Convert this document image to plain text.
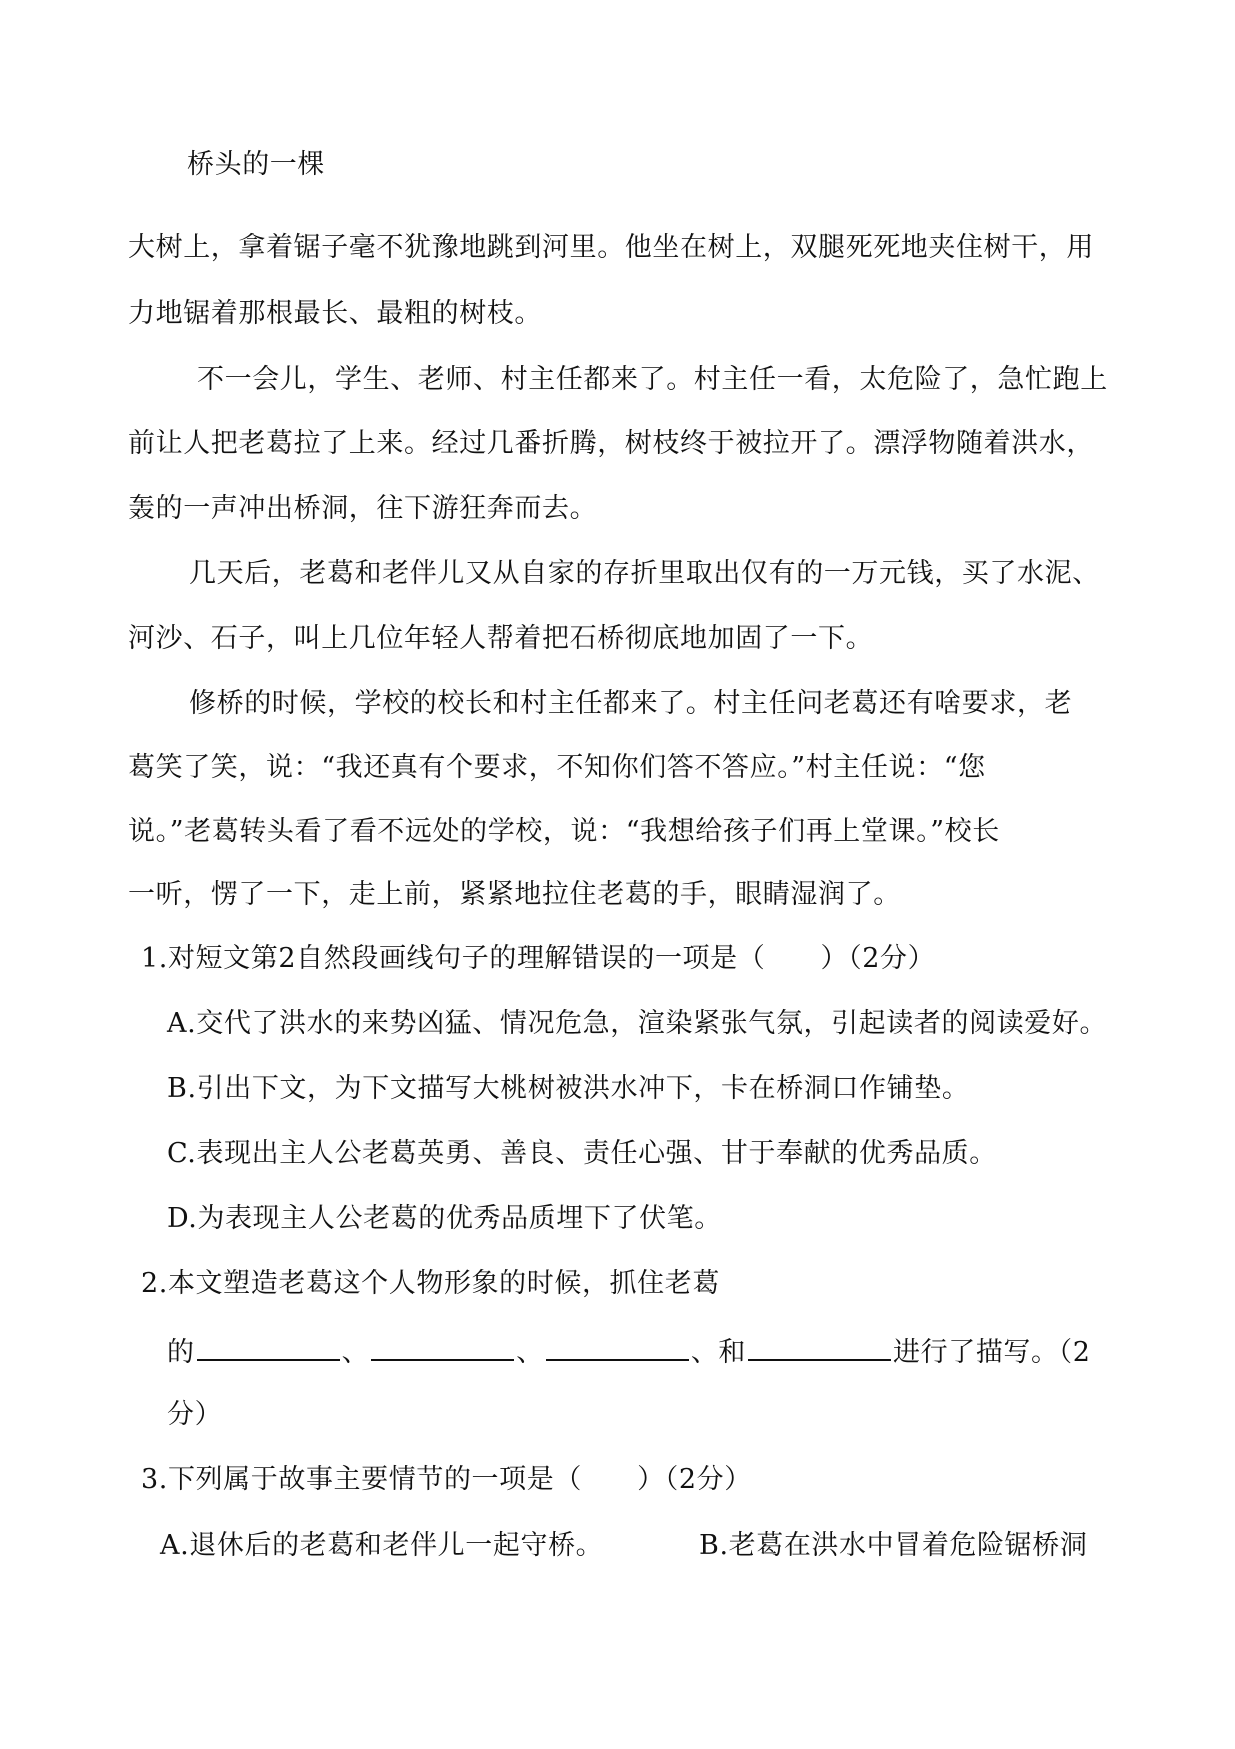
桥头的一棵
大树上，拿着锯子毫不犹豫地跳到河里。他坐在树上，双腿死死地夹住树干，用
力地锯着那根最长、最粗的树枝。
不一会儿，学生、老师、村主任都来了。村主任一看，太危险了，急忙跑上
前让人把老葛拉了上来。经过几番折腾，树枝终于被拉开了。漂浮物随着洪水，
轰的一声冲出桥洞，往下游狂奔而去。
几天后，老葛和老伴儿又从自家的存折里取出仅有的一万元钱，买了水泥、
河沙、石子，叫上几位年轻人帮着把石桥彻底地加固了一下。
修桥的时候，学校的校长和村主任都来了。村主任问老葛还有啥要求，老
葛笑了笑，说：“我还真有个要求，不知你们答不答应。”村主任说：“您
说。”老葛转头看了看不远处的学校，说：“我想给孩子们再上堂课。”校长
一听，愣了一下，走上前，紧紧地拉住老葛的手，眼睛湿润了。
1.对短文第2自然段画线句子的理解错误的一项是（　　）（2分）
A.交代了洪水的来势凶猛、情况危急，渲染紧张气氛，引起读者的阅读爱好。
B.引出下文，为下文描写大桃树被洪水冲下，卡在桥洞口作铺垫。
C.表现出主人公老葛英勇、善良、责任心强、甘于奉献的优秀品质。
D.为表现主人公老葛的优秀品质埋下了伏笔。
2.本文塑造老葛这个人物形象的时候，抓住老葛
的	、	、	、和	进行了描写。（2
分）
3.下列属于故事主要情节的一项是（　　）（2分）
A.退休后的老葛和老伴儿一起守桥。	B.老葛在洪水中冒着危险锯桥洞
